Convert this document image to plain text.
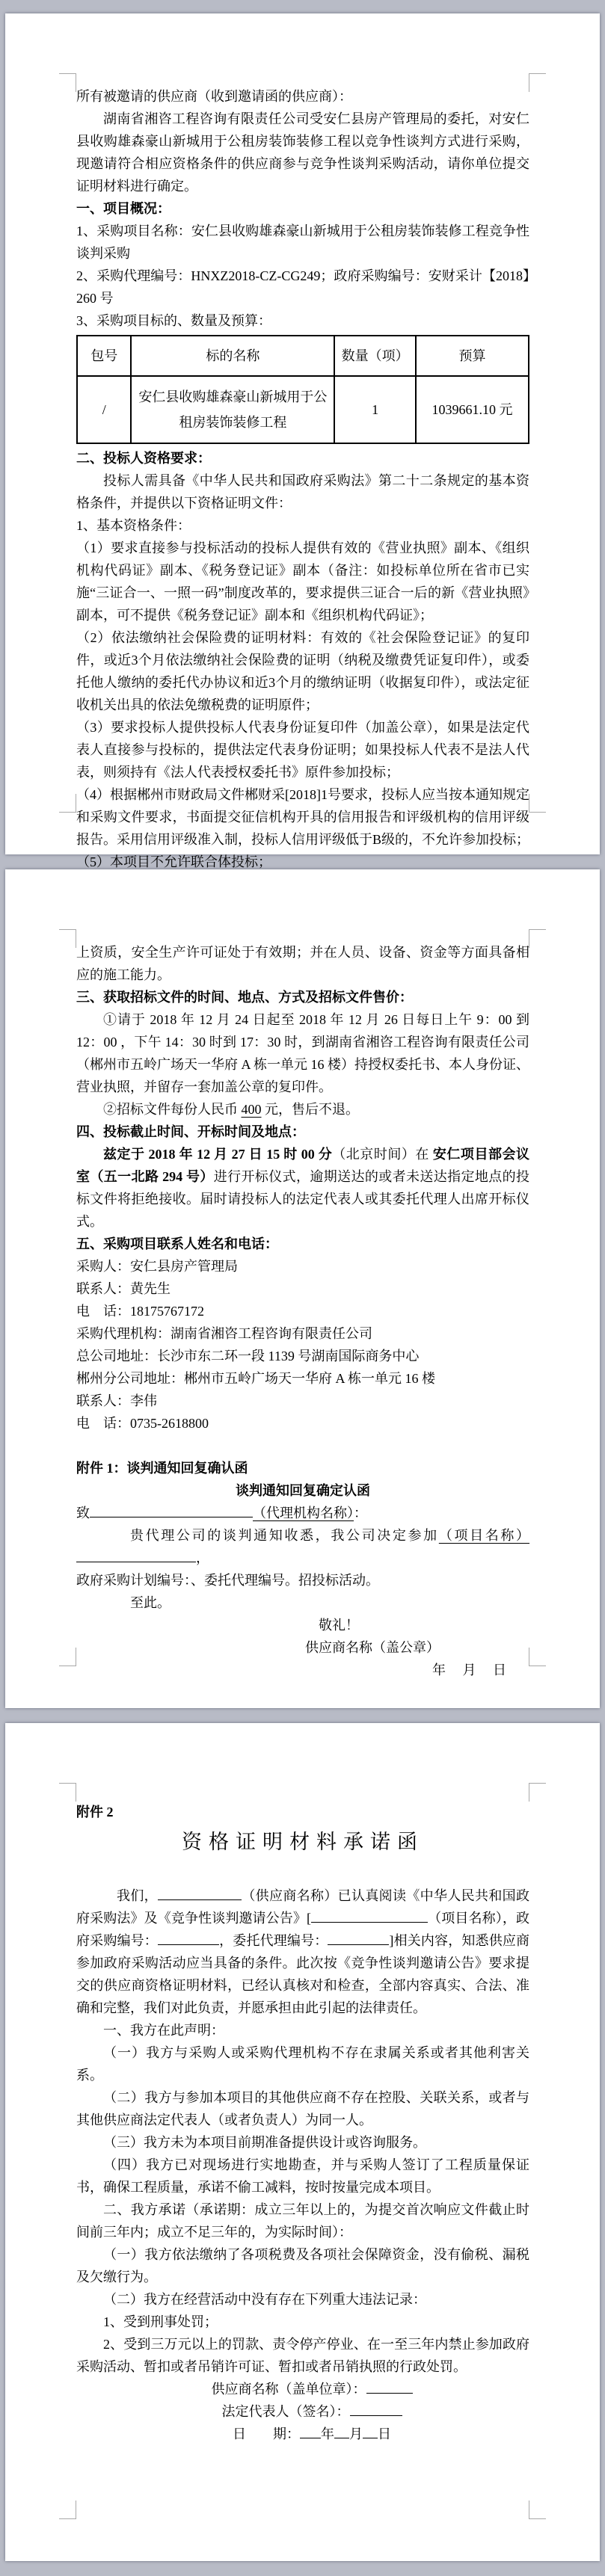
所有被邀请的供应商（收到邀请函的供应商）：
湖南省湘咨工程咨询有限责任公司受安仁县房产管理局的委托，对安仁县收购雄森豪山新城用于公租房装饰装修工程以竞争性谈判方式进行采购，现邀请符合相应资格条件的供应商参与竞争性谈判采购活动，请你单位提交证明材料进行确定。
一、项目概况：
1、采购项目名称：安仁县收购雄森豪山新城用于公租房装饰装修工程竞争性谈判采购
2、采购代理编号：HNXZ2018-CZ-CG249；政府采购编号：安财采计【2018】260 号
3、采购项目标的、数量及预算：
包号	标的名称	数量（项）	预算
/	安仁县收购雄森豪山新城用于公租房装饰装修工程	1	1039661.10 元
二、投标人资格要求：
投标人需具备《中华人民共和国政府采购法》第二十二条规定的基本资格条件，并提供以下资格证明文件：
1、基本资格条件：
（1）要求直接参与投标活动的投标人提供有效的《营业执照》副本、《组织机构代码证》副本、《税务登记证》副本（备注：如投标单位所在省市已实施“三证合一、一照一码”制度改革的，要求提供三证合一后的新《营业执照》副本，可不提供《税务登记证》副本和《组织机构代码证》；
（2）依法缴纳社会保险费的证明材料：有效的《社会保险登记证》的复印件，或近3个月依法缴纳社会保险费的证明（纳税及缴费凭证复印件），或委托他人缴纳的委托代办协议和近3个月的缴纳证明（收据复印件），或法定征收机关出具的依法免缴税费的证明原件；
（3）要求投标人提供投标人代表身份证复印件（加盖公章），如果是法定代表人直接参与投标的，提供法定代表身份证明；如果投标人代表不是法人代表，则须持有《法人代表授权委托书》原件参加投标；
（4）根据郴州市财政局文件郴财采[2018]1号要求，投标人应当按本通知规定和采购文件要求，书面提交征信机构开具的信用报告和评级机构的信用评级报告。采用信用评级准入制，投标人信用评级低于B级的，不允许参加投标；
（5）本项目不允许联合体投标；
上资质，安全生产许可证处于有效期；并在人员、设备、资金等方面具备相应的施工能力。
三、获取招标文件的时间、地点、方式及招标文件售价：
①请于 2018 年 12 月 24 日起至 2018 年 12 月 26 日每日上午 9：00 到 12：00 ，下午 14：30 时到 17：30 时，到湖南省湘咨工程咨询有限责任公司（郴州市五岭广场天一华府 A 栋一单元 16 楼）持授权委托书、本人身份证、营业执照，并留存一套加盖公章的复印件。
②招标文件每份人民币 400 元，售后不退。
四、投标截止时间、开标时间及地点：
兹定于 2018 年 12 月 27 日 15 时 00 分（北京时间）在 安仁项目部会议室（五一北路 294 号）进行开标仪式，逾期送达的或者未送达指定地点的投标文件将拒绝接收。届时请投标人的法定代表人或其委托代理人出席开标仪式。
五、采购项目联系人姓名和电话：
采购人：安仁县房产管理局
联系人：黄先生
电　话：18175767172
采购代理机构：湖南省湘咨工程咨询有限责任公司
总公司地址：长沙市东二环一段 1139 号湖南国际商务中心
郴州分公司地址：郴州市五岭广场天一华府 A 栋一单元 16 楼
联系人：李伟
电　话：0735-2618800
附件 1：谈判通知回复确认函
谈判通知回复确定认函
致	（代理机构名称）：
贵代理公司的谈判通知收悉，我公司决定参加（项目名称），
政府采购计划编号：、委托代理编号。招投标活动。
至此。
敬礼！
供应商名称（盖公章）
年　 月　 日
附件 2
资格证明材料承诺函
我们，	（供应商名称）已认真阅读《中华人民共和国政府采购法》及《竞争性谈判邀请公告》[	（项目名称），政府采购编号：	，委托代理编号：	]相关内容，知悉供应商参加政府采购活动应当具备的条件。此次按《竞争性谈判邀请公告》要求提交的供应商资格证明材料，已经认真核对和检查，全部内容真实、合法、准确和完整，我们对此负责，并愿承担由此引起的法律责任。
一、我方在此声明：
（一）我方与采购人或采购代理机构不存在隶属关系或者其他利害关系。
（二）我方与参加本项目的其他供应商不存在控股、关联关系，或者与其他供应商法定代表人（或者负责人）为同一人。
（三）我方未为本项目前期准备提供设计或咨询服务。
（四）我方已对现场进行实地勘查，并与采购人签订了工程质量保证书，确保工程质量，承诺不偷工减料，按时按量完成本项目。
二、我方承诺（承诺期：成立三年以上的，为提交首次响应文件截止时间前三年内；成立不足三年的，为实际时间）：
（一）我方依法缴纳了各项税费及各项社会保障资金，没有偷税、漏税及欠缴行为。
（二）我方在经营活动中没有存在下列重大违法记录：
1、受到刑事处罚；
2、受到三万元以上的罚款、责令停产停业、在一至三年内禁止参加政府采购活动、暂扣或者吊销许可证、暂扣或者吊销执照的行政处罚。
供应商名称（盖单位章）：
法定代表人（签名）：
日　　期： 年 月 日
